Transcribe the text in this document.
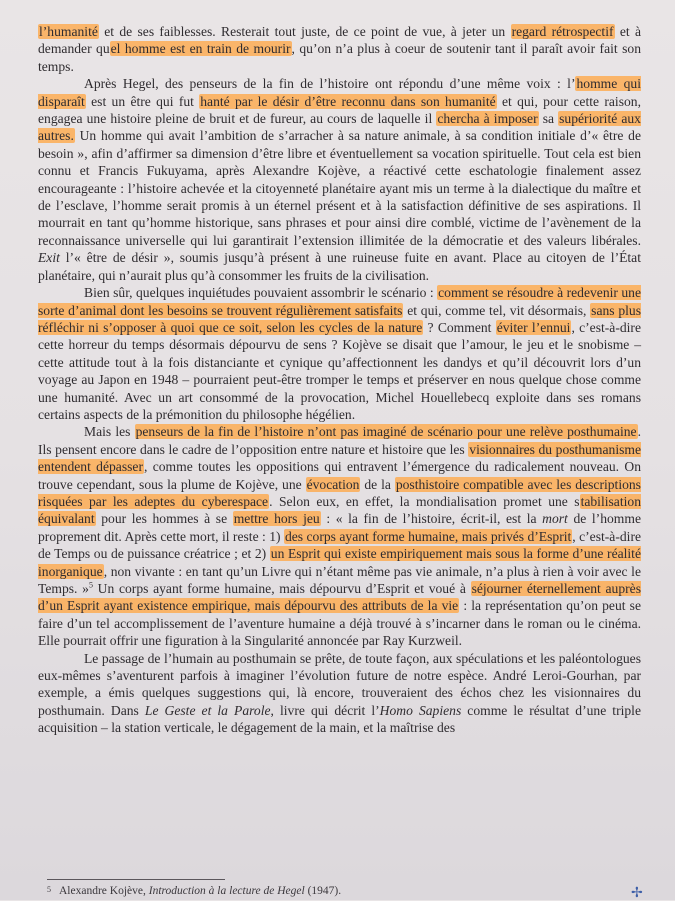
l’humanité et de ses faiblesses. Resterait tout juste, de ce point de vue, à jeter un regard rétrospectif et à demander quel homme est en train de mourir, qu’on n’a plus à coeur de soutenir tant il paraît avoir fait son temps.

Après Hegel, des penseurs de la fin de l’histoire ont répondu d’une même voix : l’homme qui disparaît est un être qui fut hanté par le désir d’être reconnu dans son humanité et qui, pour cette raison, engagea une histoire pleine de bruit et de fureur, au cours de laquelle il chercha à imposer sa supériorité aux autres. Un homme qui avait l’ambition de s’arracher à sa nature animale, à sa condition initiale d’« être de besoin », afin d’affirmer sa dimension d’être libre et éventuellement sa vocation spirituelle. Tout cela est bien connu et Francis Fukuyama, après Alexandre Kojève, a réactivé cette eschatologie finalement assez encourageante : l’histoire achevée et la citoyenneté planétaire ayant mis un terme à la dialectique du maître et de l’esclave, l’homme serait promis à un éternel présent et à la satisfaction définitive de ses aspirations. Il mourrait en tant qu’homme historique, sans phrases et pour ainsi dire comblé, victime de l’avènement de la reconnaissance universelle qui lui garantirait l’extension illimitée de la démocratie et des valeurs libérales. Exit l’« être de désir », soumis jusqu’à présent à une ruineuse fuite en avant. Place au citoyen de l’État planétaire, qui n’aurait plus qu’à consommer les fruits de la civilisation.

Bien sûr, quelques inquiétudes pouvaient assombrir le scénario : comment se résoudre à redevenir une sorte d’animal dont les besoins se trouvent régulièrement satisfaits et qui, comme tel, vit désormais, sans plus réfléchir ni s’opposer à quoi que ce soit, selon les cycles de la nature ? Comment éviter l’ennui, c’est-à-dire cette horreur du temps désormais dépourvu de sens ? Kojève se disait que l’amour, le jeu et le snobisme – cette attitude tout à la fois distanciante et cynique qu’affectionnent les dandys et qu’il découvrit lors d’un voyage au Japon en 1948 – pourraient peut-être tromper le temps et préserver en nous quelque chose comme une humanité. Avec un art consommé de la provocation, Michel Houellebecq exploite dans ses romans certains aspects de la prémonition du philosophe hégélien.

Mais les penseurs de la fin de l’histoire n’ont pas imaginé de scénario pour une relève posthumaine. Ils pensent encore dans le cadre de l’opposition entre nature et histoire que les visionnaires du posthumanisme entendent dépasser, comme toutes les oppositions qui entravent l’émergence du radicalement nouveau. On trouve cependant, sous la plume de Kojève, une évocation de la posthistoire compatible avec les descriptions risquées par les adeptes du cyberespace. Selon eux, en effet, la mondialisation promet une stabilisation équivalant pour les hommes à se mettre hors jeu : « la fin de l’histoire, écrit-il, est la mort de l’homme proprement dit. Après cette mort, il reste : 1) des corps ayant forme humaine, mais privés d’Esprit, c’est-à-dire de Temps ou de puissance créatrice ; et 2) un Esprit qui existe empiriquement mais sous la forme d’une réalité inorganique, non vivante : en tant qu’un Livre qui n’étant même pas vie animale, n’a plus à rien à voir avec le Temps. »$^5$ Un corps ayant forme humaine, mais dépourvu d’Esprit et voué à séjourner éternellement auprès d’un Esprit ayant existence empirique, mais dépourvu des attributs de la vie : la représentation qu’on peut se faire d’un tel accomplissement de l’aventure humaine a déjà trouvé à s’incarner dans le roman ou le cinéma. Elle pourrait offrir une figuration à la Singularité annoncée par Ray Kurzweil.

Le passage de l’humain au posthumain se prête, de toute façon, aux spéculations et les paléontologues eux-mêmes s’aventurent parfois à imaginer l’évolution future de notre espèce. André Leroi-Gourhan, par exemple, a émis quelques suggestions qui, là encore, trouveraient des échos chez les visionnaires du posthumain. Dans Le Geste et la Parole, livre qui décrit l’Homo Sapiens comme le résultat d’une triple acquisition – la station verticale, le dégagement de la main, et la maîtrise des

$^5$ Alexandre Kojève, Introduction à la lecture de Hegel (1947).	✢
